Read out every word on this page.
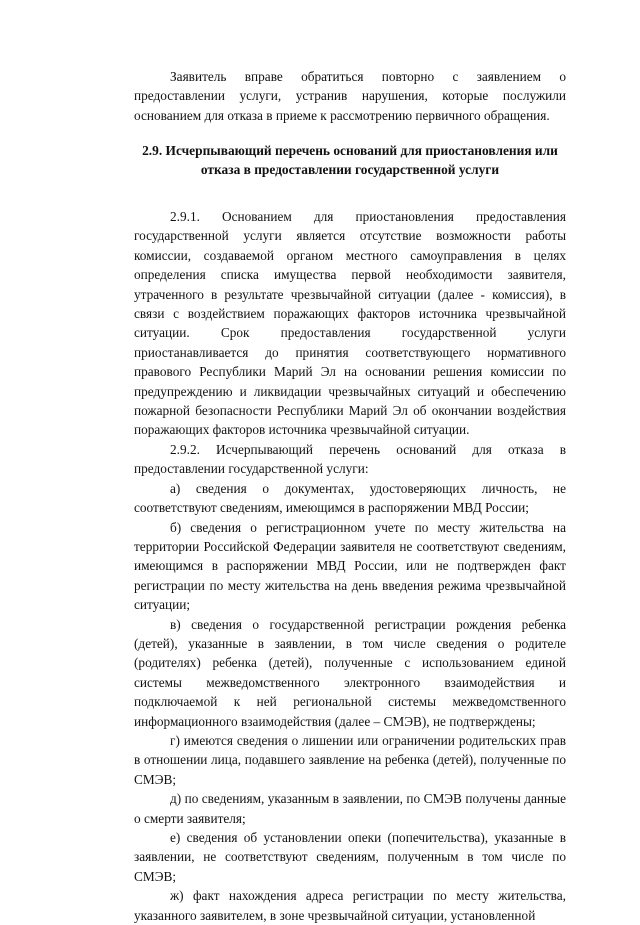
Заявитель вправе обратиться повторно с заявлением о предоставлении услуги, устранив нарушения, которые послужили основанием для отказа в приеме к рассмотрению первичного обращения.

2.9. Исчерпывающий перечень оснований для приостановления или отказа в предоставлении государственной услуги

2.9.1. Основанием для приостановления предоставления государственной услуги является отсутствие возможности работы комиссии, создаваемой органом местного самоуправления в целях определения списка имущества первой необходимости заявителя, утраченного в результате чрезвычайной ситуации (далее - комиссия), в связи с воздействием поражающих факторов источника чрезвычайной ситуации. Срок предоставления государственной услуги приостанавливается до принятия соответствующего нормативного правового Республики Марий Эл на основании решения комиссии по предупреждению и ликвидации чрезвычайных ситуаций и обеспечению пожарной безопасности Республики Марий Эл об окончании воздействия поражающих факторов источника чрезвычайной ситуации.

2.9.2. Исчерпывающий перечень оснований для отказа в предоставлении государственной услуги:

а) сведения о документах, удостоверяющих личность, не соответствуют сведениям, имеющимся в распоряжении МВД России;

б) сведения о регистрационном учете по месту жительства на территории Российской Федерации заявителя не соответствуют сведениям, имеющимся в распоряжении МВД России, или не подтвержден факт регистрации по месту жительства на день введения режима чрезвычайной ситуации;

в) сведения о государственной регистрации рождения ребенка (детей), указанные в заявлении, в том числе сведения о родителе (родителях) ребенка (детей), полученные с использованием единой системы межведомственного электронного взаимодействия и подключаемой к ней региональной системы межведомственного информационного взаимодействия (далее – СМЭВ), не подтверждены;

г) имеются сведения о лишении или ограничении родительских прав в отношении лица, подавшего заявление на ребенка (детей), полученные по СМЭВ;

д) по сведениям, указанным в заявлении, по СМЭВ получены данные о смерти заявителя;

е) сведения об установлении опеки (попечительства), указанные в заявлении, не соответствуют сведениям, полученным в том числе по СМЭВ;

ж) факт нахождения адреса регистрации по месту жительства, указанного заявителем, в зоне чрезвычайной ситуации, установленной
